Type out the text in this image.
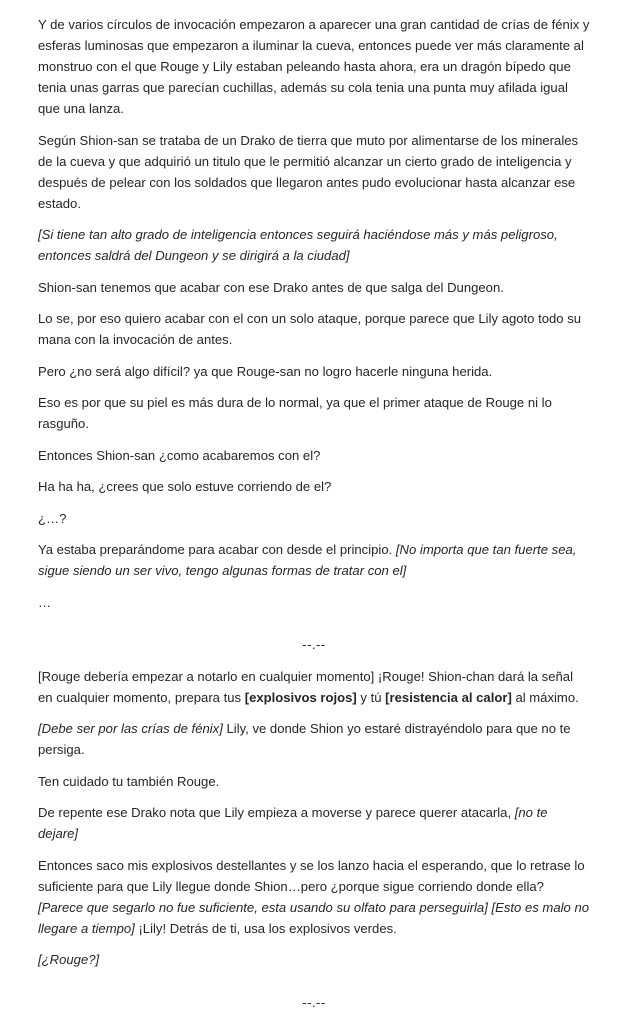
Y de varios círculos de invocación empezaron a aparecer una gran cantidad de crías de fénix y esferas luminosas que empezaron a iluminar la cueva, entonces puede ver más claramente al monstruo con el que Rouge y Lily estaban peleando hasta ahora, era un dragón bípedo que tenia unas garras que parecían cuchillas, además su cola tenia una punta muy afilada igual que una lanza.

Según Shion-san se trataba de un Drako de tierra que muto por alimentarse de los minerales de la cueva y que adquirió un titulo que le permitió alcanzar un cierto grado de inteligencia y después de pelear con los soldados que llegaron antes pudo evolucionar hasta alcanzar ese estado.

[Si tiene tan alto grado de inteligencia entonces seguirá haciéndose más y más peligroso, entonces saldrá del Dungeon y se dirigirá a la ciudad]

Shion-san tenemos que acabar con ese Drako antes de que salga del Dungeon.

Lo se, por eso quiero acabar con el con un solo ataque, porque parece que Lily agoto todo su mana con la invocación de antes.

Pero ¿no será algo difícil? ya que Rouge-san no logro hacerle ninguna herida.

Eso es por que su piel es más dura de lo normal, ya que el primer ataque de Rouge ni lo rasguño.

Entonces Shion-san ¿como acabaremos con el?

Ha ha ha, ¿crees que solo estuve corriendo de el?

¿…?

Ya estaba preparándome para acabar con desde el principio. [No importa que tan fuerte sea, sigue siendo un ser vivo, tengo algunas formas de tratar con el]

…

--.--

[Rouge debería empezar a notarlo en cualquier momento] ¡Rouge! Shion-chan dará la señal en cualquier momento, prepara tus [explosivos rojos] y tú [resistencia al calor] al máximo.

[Debe ser por las crías de fénix] Lily, ve donde Shion yo estaré distrayéndolo para que no te persiga.

Ten cuidado tu también Rouge.

De repente ese Drako nota que Lily empieza a moverse y parece querer atacarla, [no te dejare]

Entonces saco mis explosivos destellantes y se los lanzo hacia el esperando, que lo retrase lo suficiente para que Lily llegue donde Shion…pero ¿porque sigue corriendo donde ella? [Parece que segarlo no fue suficiente, esta usando su olfato para perseguirla] [Esto es malo no llegare a tiempo] ¡Lily! Detrás de ti, usa los explosivos verdes.

[¿Rouge?]

--.--
